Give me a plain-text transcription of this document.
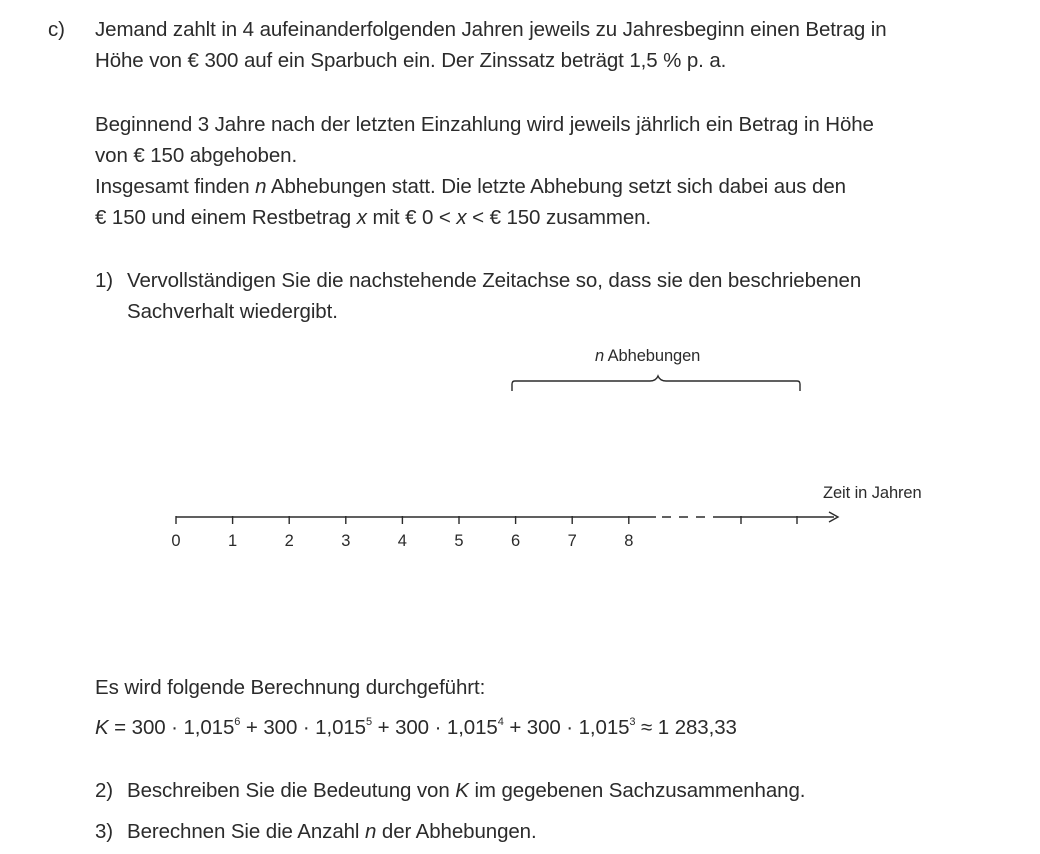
c) Jemand zahlt in 4 aufeinanderfolgenden Jahren jeweils zu Jahresbeginn einen Betrag in
Höhe von € 300 auf ein Sparbuch ein. Der Zinssatz beträgt 1,5 % p. a.
Beginnend 3 Jahre nach der letzten Einzahlung wird jeweils jährlich ein Betrag in Höhe
von € 150 abgehoben.
Insgesamt finden n Abhebungen statt. Die letzte Abhebung setzt sich dabei aus den
€ 150 und einem Restbetrag x mit € 0 < x < € 150 zusammen.
1) Vervollständigen Sie die nachstehende Zeitachse so, dass sie den beschriebenen
Sachverhalt wiedergibt.
0	1	2	3	4	5	6	7	8
n Abhebungen
Zeit in Jahren
Es wird folgende Berechnung durchgeführt:
$K = 300 \cdot 1,015^6 + 300 \cdot 1,015^5 + 300 \cdot 1,015^4 + 300 \cdot 1,015^3 \approx 1$ 283,33
2) Beschreiben Sie die Bedeutung von K im gegebenen Sachzusammenhang.
3) Berechnen Sie die Anzahl n der Abhebungen.
